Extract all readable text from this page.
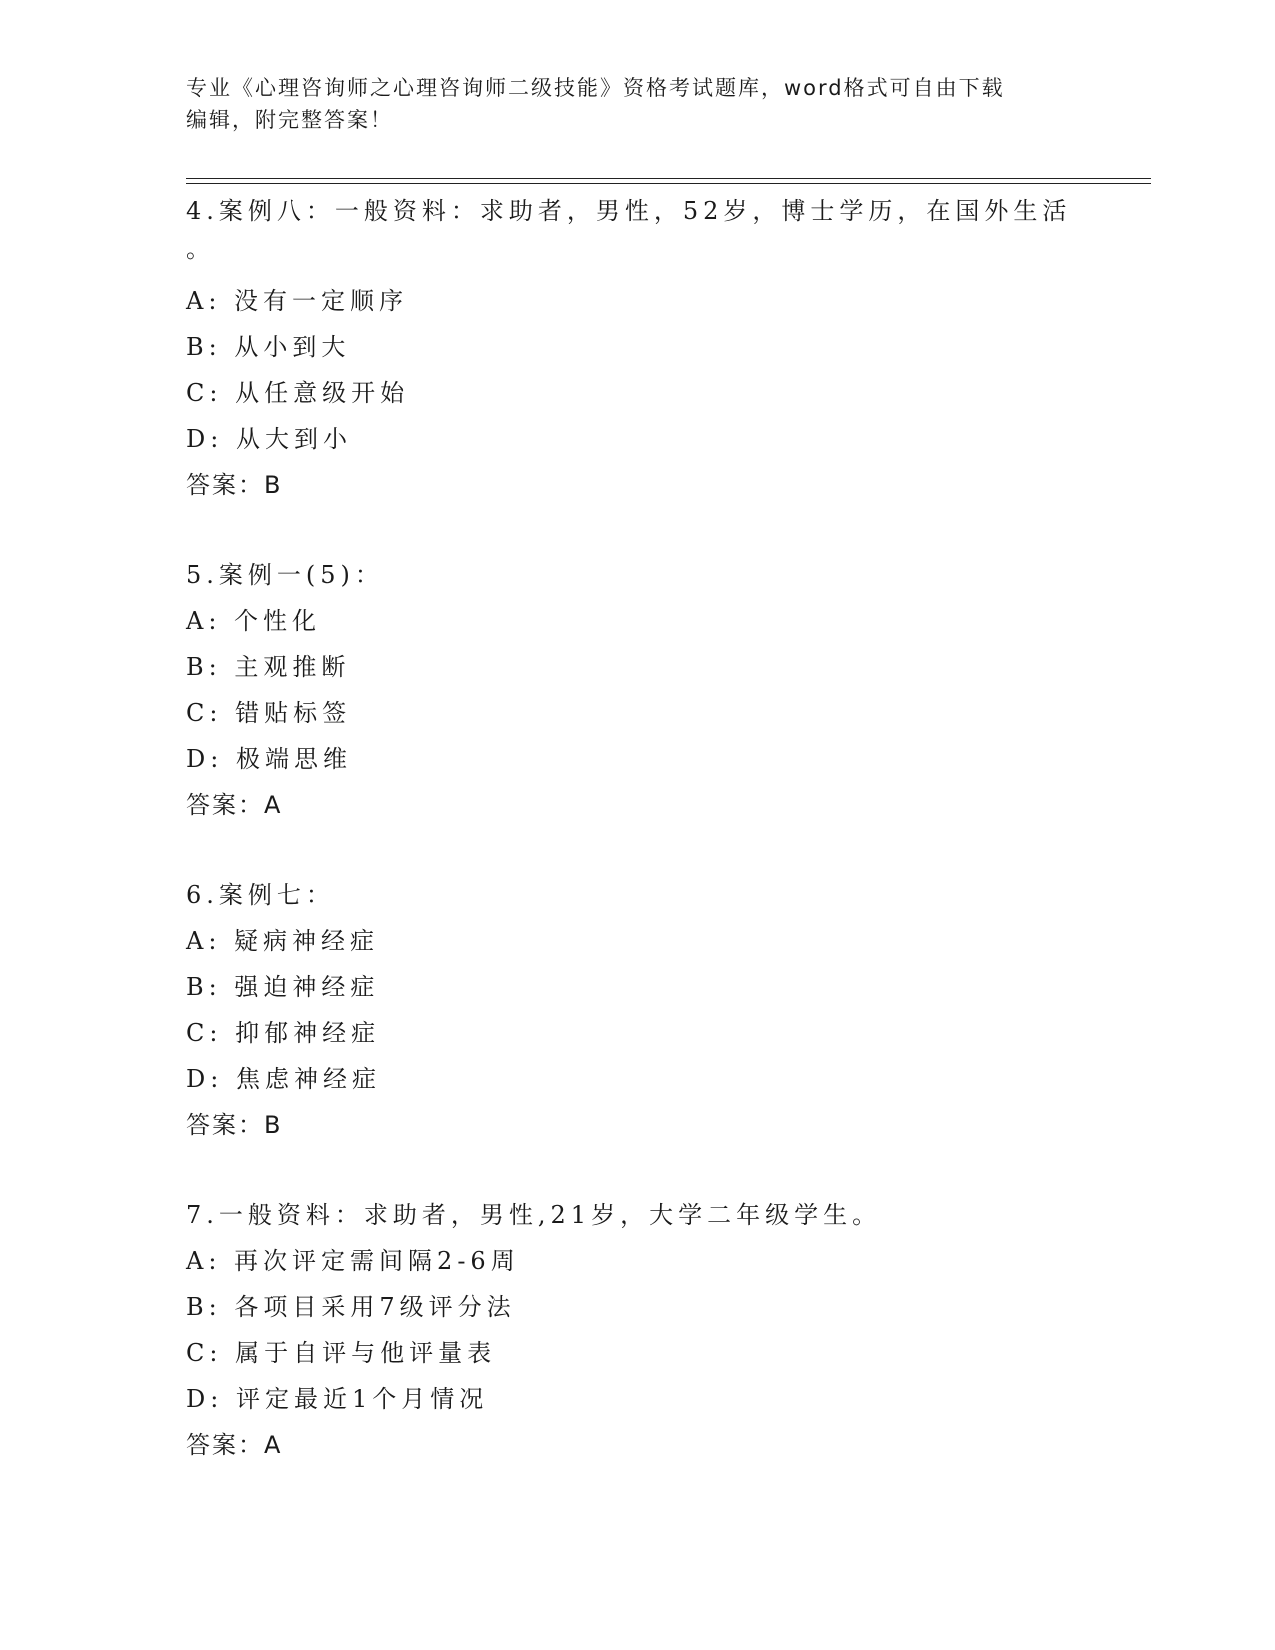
专业《心理咨询师之心理咨询师二级技能》资格考试题库，word格式可自由下载
编辑，附完整答案！
4.案例八：一般资料：求助者，男性，52岁，博士学历，在国外生活
。
A: 没有一定顺序
B: 从小到大
C: 从任意级开始
D: 从大到小
答案：B
5.案例一(5)：
A: 个性化
B: 主观推断
C: 错贴标签
D: 极端思维
答案：A
6.案例七：
A: 疑病神经症
B: 强迫神经症
C: 抑郁神经症
D: 焦虑神经症
答案：B
7.一般资料：求助者，男性,21岁，大学二年级学生。
A: 再次评定需间隔2-6周
B: 各项目采用7级评分法
C: 属于自评与他评量表
D: 评定最近1个月情况
答案：A
